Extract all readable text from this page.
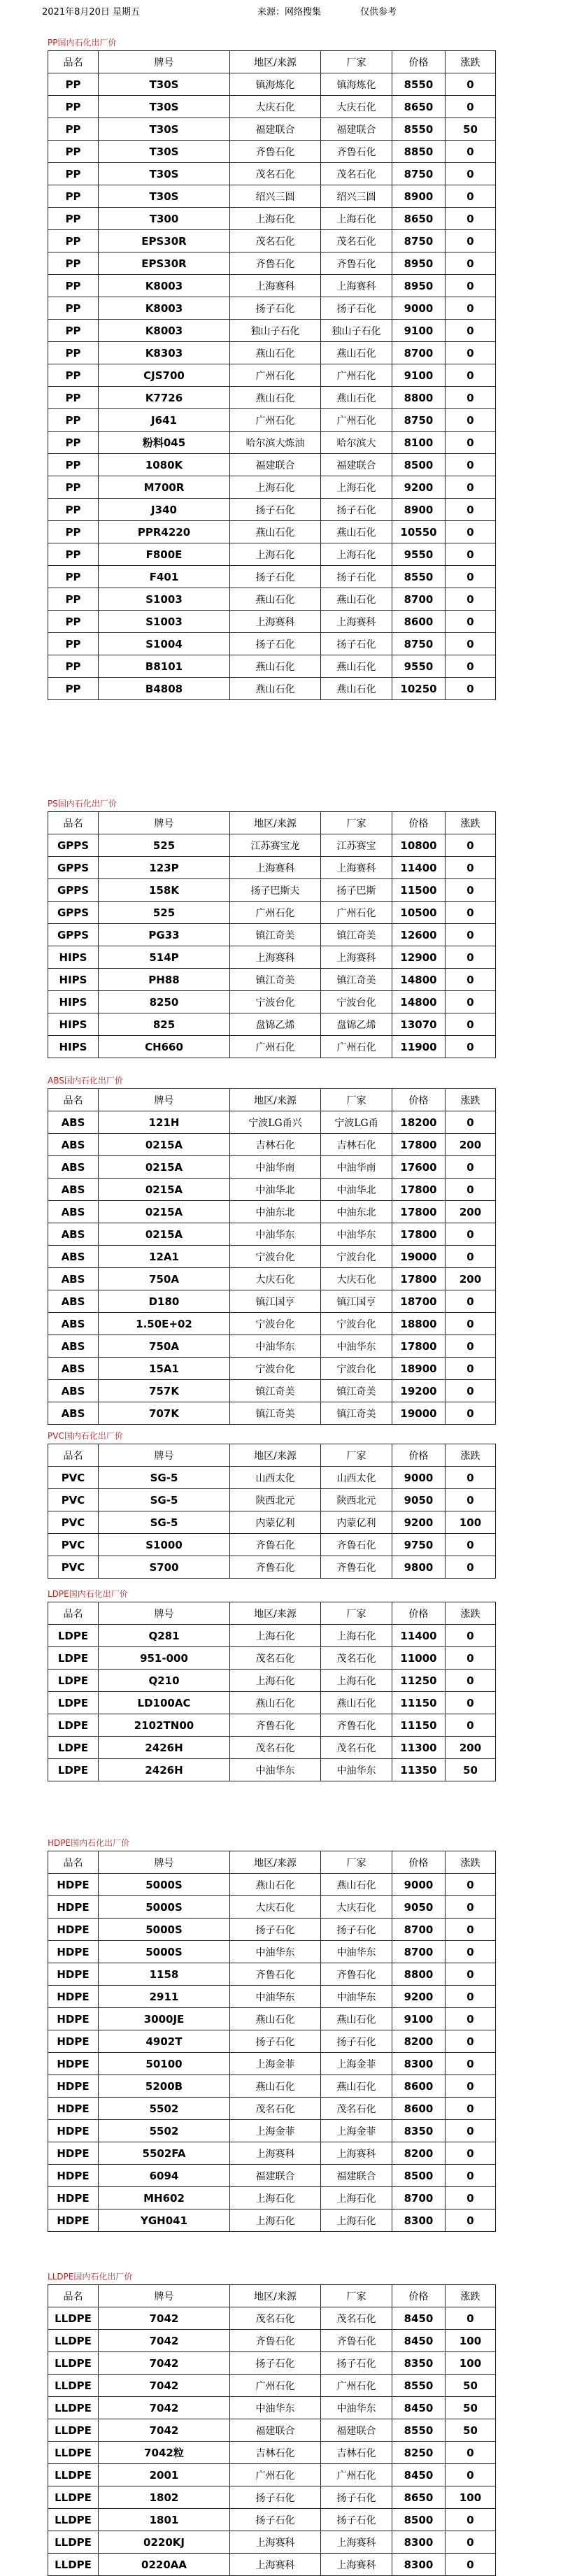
2021年8月20日 星期五	来源：网络搜集	仅供参考
PP国内石化出厂价
品名	牌号	地区/来源	厂家	价格	涨跌
PP	T30S	镇海炼化	镇海炼化	8550	0
PP	T30S	大庆石化	大庆石化	8650	0
PP	T30S	福建联合	福建联合	8550	50
PP	T30S	齐鲁石化	齐鲁石化	8850	0
PP	T30S	茂名石化	茂名石化	8750	0
PP	T30S	绍兴三圆	绍兴三圆	8900	0
PP	T300	上海石化	上海石化	8650	0
PP	EPS30R	茂名石化	茂名石化	8750	0
PP	EPS30R	齐鲁石化	齐鲁石化	8950	0
PP	K8003	上海赛科	上海赛科	8950	0
PP	K8003	扬子石化	扬子石化	9000	0
PP	K8003	独山子石化	独山子石化	9100	0
PP	K8303	燕山石化	燕山石化	8700	0
PP	CJS700	广州石化	广州石化	9100	0
PP	K7726	燕山石化	燕山石化	8800	0
PP	J641	广州石化	广州石化	8750	0
PP	粉料045	哈尔滨大炼油	哈尔滨大	8100	0
PP	1080K	福建联合	福建联合	8500	0
PP	M700R	上海石化	上海石化	9200	0
PP	J340	扬子石化	扬子石化	8900	0
PP	PPR4220	燕山石化	燕山石化	10550	0
PP	F800E	上海石化	上海石化	9550	0
PP	F401	扬子石化	扬子石化	8550	0
PP	S1003	燕山石化	燕山石化	8700	0
PP	S1003	上海赛科	上海赛科	8600	0
PP	S1004	扬子石化	扬子石化	8750	0
PP	B8101	燕山石化	燕山石化	9550	0
PP	B4808	燕山石化	燕山石化	10250	0
PS国内石化出厂价
品名	牌号	地区/来源	厂家	价格	涨跌
GPPS	525	江苏赛宝龙	江苏赛宝	10800	0
GPPS	123P	上海赛科	上海赛科	11400	0
GPPS	158K	扬子巴斯夫	扬子巴斯	11500	0
GPPS	525	广州石化	广州石化	10500	0
GPPS	PG33	镇江奇美	镇江奇美	12600	0
HIPS	514P	上海赛科	上海赛科	12900	0
HIPS	PH88	镇江奇美	镇江奇美	14800	0
HIPS	8250	宁波台化	宁波台化	14800	0
HIPS	825	盘锦乙烯	盘锦乙烯	13070	0
HIPS	CH660	广州石化	广州石化	11900	0
ABS国内石化出厂价
品名	牌号	地区/来源	厂家	价格	涨跌
ABS	121H	宁波LG甬兴	宁波LG甬	18200	0
ABS	0215A	吉林石化	吉林石化	17800	200
ABS	0215A	中油华南	中油华南	17600	0
ABS	0215A	中油华北	中油华北	17800	0
ABS	0215A	中油东北	中油东北	17800	200
ABS	0215A	中油华东	中油华东	17800	0
ABS	12A1	宁波台化	宁波台化	19000	0
ABS	750A	大庆石化	大庆石化	17800	200
ABS	D180	镇江国亨	镇江国亨	18700	0
ABS	1.50E+02	宁波台化	宁波台化	18800	0
ABS	750A	中油华东	中油华东	17800	0
ABS	15A1	宁波台化	宁波台化	18900	0
ABS	757K	镇江奇美	镇江奇美	19200	0
ABS	707K	镇江奇美	镇江奇美	19000	0
PVC国内石化出厂价
品名	牌号	地区/来源	厂家	价格	涨跌
PVC	SG-5	山西太化	山西太化	9000	0
PVC	SG-5	陕西北元	陕西北元	9050	0
PVC	SG-5	内蒙亿利	内蒙亿利	9200	100
PVC	S1000	齐鲁石化	齐鲁石化	9750	0
PVC	S700	齐鲁石化	齐鲁石化	9800	0
LDPE国内石化出厂价
品名	牌号	地区/来源	厂家	价格	涨跌
LDPE	Q281	上海石化	上海石化	11400	0
LDPE	951-000	茂名石化	茂名石化	11000	0
LDPE	Q210	上海石化	上海石化	11250	0
LDPE	LD100AC	燕山石化	燕山石化	11150	0
LDPE	2102TN00	齐鲁石化	齐鲁石化	11150	0
LDPE	2426H	茂名石化	茂名石化	11300	200
LDPE	2426H	中油华东	中油华东	11350	50
HDPE国内石化出厂价
品名	牌号	地区/来源	厂家	价格	涨跌
HDPE	5000S	燕山石化	燕山石化	9000	0
HDPE	5000S	大庆石化	大庆石化	9050	0
HDPE	5000S	扬子石化	扬子石化	8700	0
HDPE	5000S	中油华东	中油华东	8700	0
HDPE	1158	齐鲁石化	齐鲁石化	8800	0
HDPE	2911	中油华东	中油华东	9200	0
HDPE	3000JE	燕山石化	燕山石化	9100	0
HDPE	4902T	扬子石化	扬子石化	8200	0
HDPE	50100	上海金菲	上海金菲	8300	0
HDPE	5200B	燕山石化	燕山石化	8600	0
HDPE	5502	茂名石化	茂名石化	8600	0
HDPE	5502	上海金菲	上海金菲	8350	0
HDPE	5502FA	上海赛科	上海赛科	8200	0
HDPE	6094	福建联合	福建联合	8500	0
HDPE	MH602	上海石化	上海石化	8700	0
HDPE	YGH041	上海石化	上海石化	8300	0
LLDPE国内石化出厂价
品名	牌号	地区/来源	厂家	价格	涨跌
LLDPE	7042	茂名石化	茂名石化	8450	0
LLDPE	7042	齐鲁石化	齐鲁石化	8450	100
LLDPE	7042	扬子石化	扬子石化	8350	100
LLDPE	7042	广州石化	广州石化	8550	50
LLDPE	7042	中油华东	中油华东	8450	50
LLDPE	7042	福建联合	福建联合	8550	50
LLDPE	7042粒	吉林石化	吉林石化	8250	0
LLDPE	2001	广州石化	广州石化	8450	0
LLDPE	1802	扬子石化	扬子石化	8650	100
LLDPE	1801	扬子石化	扬子石化	8500	0
LLDPE	0220KJ	上海赛科	上海赛科	8300	0
LLDPE	0220AA	上海赛科	上海赛科	8300	0
